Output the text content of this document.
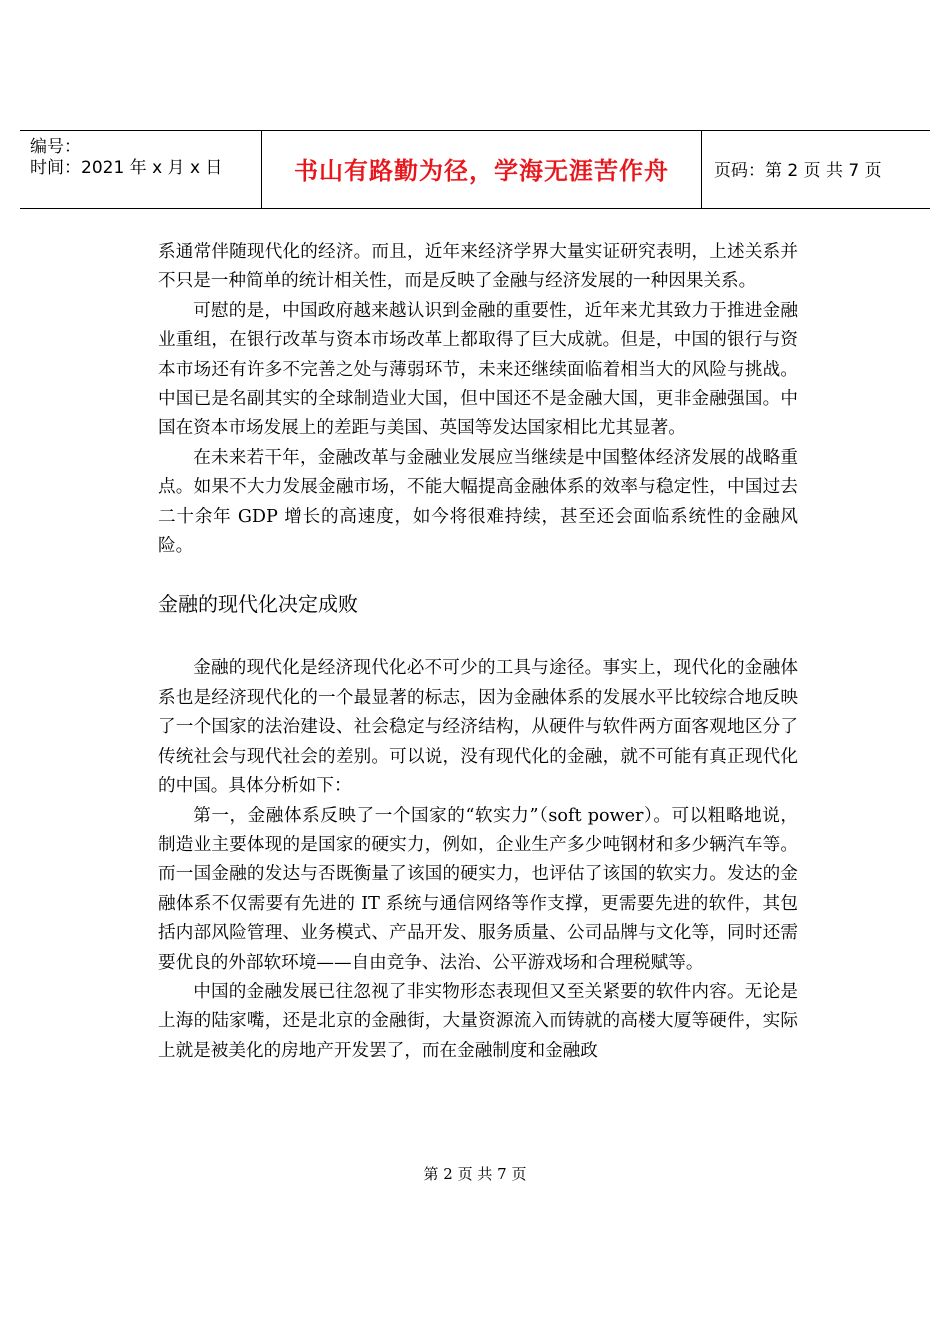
编号：
时间：2021 年 x 月 x 日	书山有路勤为径，学海无涯苦作舟	页码：第 2 页 共 7 页

系通常伴随现代化的经济。而且，近年来经济学界大量实证研究表明，上述关系并不只是一种简单的统计相关性，而是反映了金融与经济发展的一种因果关系。

可慰的是，中国政府越来越认识到金融的重要性，近年来尤其致力于推进金融业重组，在银行改革与资本市场改革上都取得了巨大成就。但是，中国的银行与资本市场还有许多不完善之处与薄弱环节，未来还继续面临着相当大的风险与挑战。中国已是名副其实的全球制造业大国，但中国还不是金融大国，更非金融强国。中国在资本市场发展上的差距与美国、英国等发达国家相比尤其显著。

在未来若干年，金融改革与金融业发展应当继续是中国整体经济发展的战略重点。如果不大力发展金融市场，不能大幅提高金融体系的效率与稳定性，中国过去二十余年 GDP 增长的高速度，如今将很难持续，甚至还会面临系统性的金融风险。

金融的现代化决定成败

金融的现代化是经济现代化必不可少的工具与途径。事实上，现代化的金融体系也是经济现代化的一个最显著的标志，因为金融体系的发展水平比较综合地反映了一个国家的法治建设、社会稳定与经济结构，从硬件与软件两方面客观地区分了传统社会与现代社会的差别。可以说，没有现代化的金融，就不可能有真正现代化的中国。具体分析如下：

第一，金融体系反映了一个国家的“软实力”（soft power）。可以粗略地说，制造业主要体现的是国家的硬实力，例如，企业生产多少吨钢材和多少辆汽车等。而一国金融的发达与否既衡量了该国的硬实力，也评估了该国的软实力。发达的金融体系不仅需要有先进的 IT 系统与通信网络等作支撑，更需要先进的软件，其包括内部风险管理、业务模式、产品开发、服务质量、公司品牌与文化等，同时还需要优良的外部软环境——自由竞争、法治、公平游戏场和合理税赋等。

中国的金融发展已往忽视了非实物形态表现但又至关紧要的软件内容。无论是上海的陆家嘴，还是北京的金融街，大量资源流入而铸就的高楼大厦等硬件，实际上就是被美化的房地产开发罢了，而在金融制度和金融政

第 2 页 共 7 页
